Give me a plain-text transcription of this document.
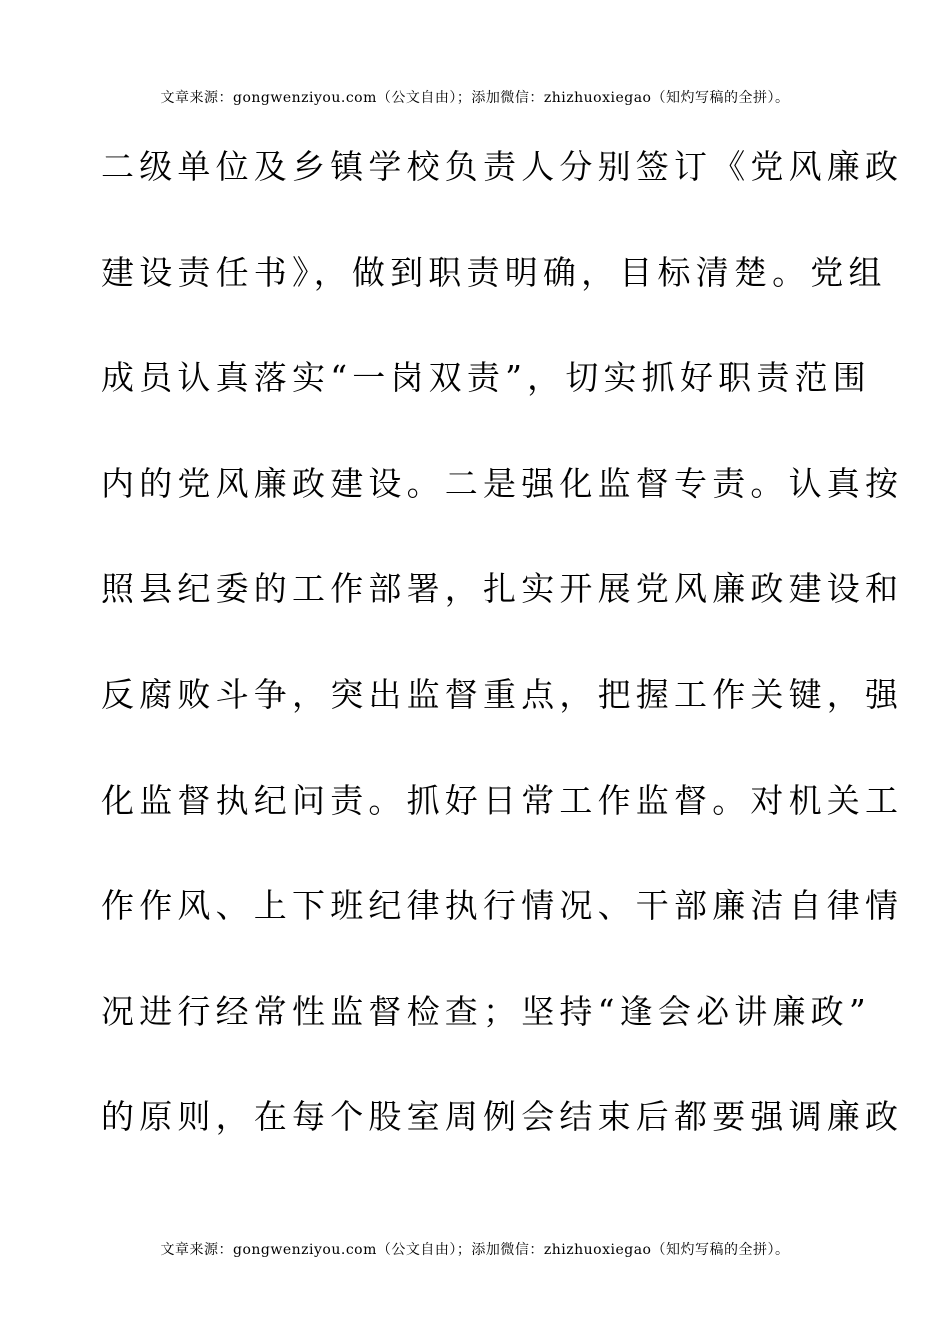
文章来源：gongwenziyou.com（公文自由）；添加微信：zhizhuoxiegao（知灼写稿的全拼）。
二级单位及乡镇学校负责人分别签订《党风廉政
建设责任书》，做到职责明确，目标清楚。党组
成员认真落实“一岗双责”，切实抓好职责范围
内的党风廉政建设。二是强化监督专责。认真按
照县纪委的工作部署，扎实开展党风廉政建设和
反腐败斗争，突出监督重点，把握工作关键，强
化监督执纪问责。抓好日常工作监督。对机关工
作作风、上下班纪律执行情况、干部廉洁自律情
况进行经常性监督检查；坚持“逢会必讲廉政”
的原则，在每个股室周例会结束后都要强调廉政
文章来源：gongwenziyou.com（公文自由）；添加微信：zhizhuoxiegao（知灼写稿的全拼）。
